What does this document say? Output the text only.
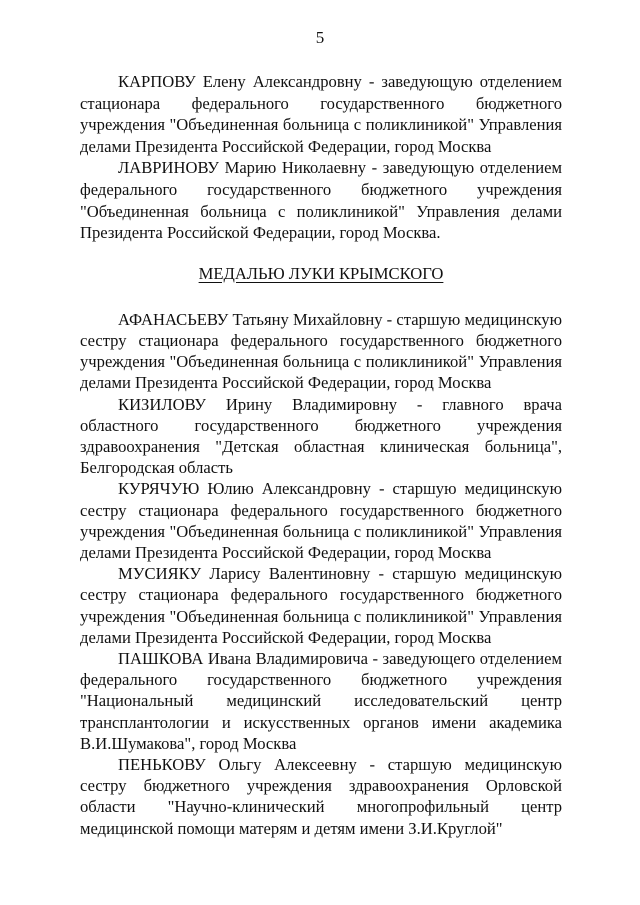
5

КАРПОВУ Елену Александровну - заведующую отделением стационара федерального государственного бюджетного учреждения "Объединенная больница с поликлиникой" Управления делами Президента Российской Федерации, город Москва

ЛАВРИНОВУ Марию Николаевну - заведующую отделением федерального государственного бюджетного учреждения "Объединенная больница с поликлиникой" Управления делами Президента Российской Федерации, город Москва.

МЕДАЛЬЮ ЛУКИ КРЫМСКОГО

АФАНАСЬЕВУ Татьяну Михайловну - старшую медицинскую сестру стационара федерального государственного бюджетного учреждения "Объединенная больница с поликлиникой" Управления делами Президента Российской Федерации, город Москва

КИЗИЛОВУ Ирину Владимировну - главного врача областного государственного бюджетного учреждения здравоохранения "Детская областная клиническая больница", Белгородская область

КУРЯЧУЮ Юлию Александровну - старшую медицинскую сестру стационара федерального государственного бюджетного учреждения "Объединенная больница с поликлиникой" Управления делами Президента Российской Федерации, город Москва

МУСИЯКУ Ларису Валентиновну - старшую медицинскую сестру стационара федерального государственного бюджетного учреждения "Объединенная больница с поликлиникой" Управления делами Президента Российской Федерации, город Москва

ПАШКОВА Ивана Владимировича - заведующего отделением федерального государственного бюджетного учреждения "Национальный медицинский исследовательский центр трансплантологии и искусственных органов имени академика В.И.Шумакова", город Москва

ПЕНЬКОВУ Ольгу Алексеевну - старшую медицинскую сестру бюджетного учреждения здравоохранения Орловской области "Научно-клинический многопрофильный центр медицинской помощи матерям и детям имени З.И.Круглой"
